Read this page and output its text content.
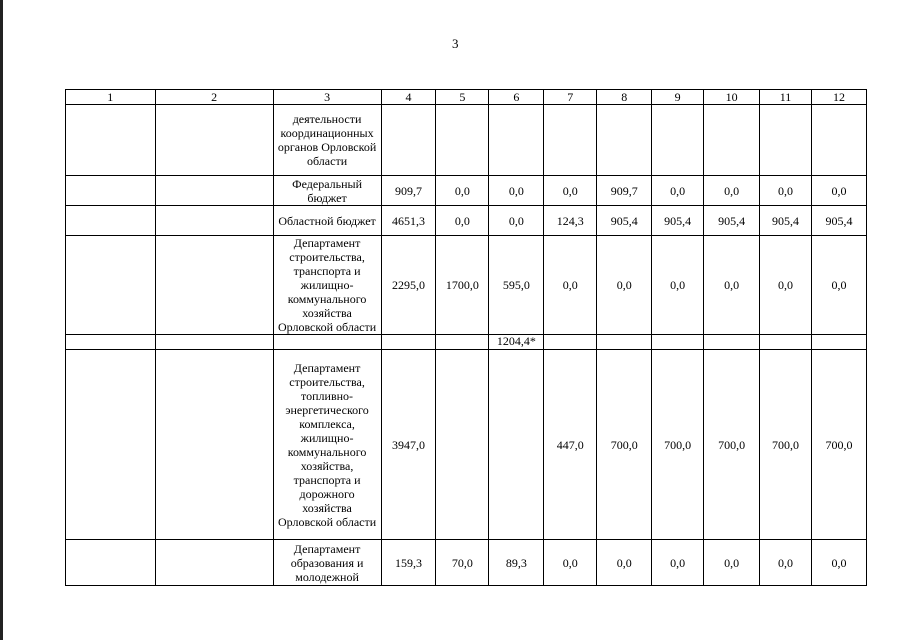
3
1	2	3	4	5	6	7	8	9	10	11	12
		деятельности координационных органов Орловской области									
		Федеральный бюджет	909,7	0,0	0,0	0,0	909,7	0,0	0,0	0,0	0,0
		Областной бюджет	4651,3	0,0	0,0	124,3	905,4	905,4	905,4	905,4	905,4
		Департамент строительства, транспорта и жилищно-коммунального хозяйства Орловской области	2295,0	1700,0	595,0	0,0	0,0	0,0	0,0	0,0	0,0
					1204,4*						
		Департамент строительства, топливно-энергетического комплекса, жилищно-коммунального хозяйства, транспорта и дорожного хозяйства Орловской области	3947,0			447,0	700,0	700,0	700,0	700,0	700,0
		Департамент образования и молодежной	159,3	70,0	89,3	0,0	0,0	0,0	0,0	0,0	0,0
